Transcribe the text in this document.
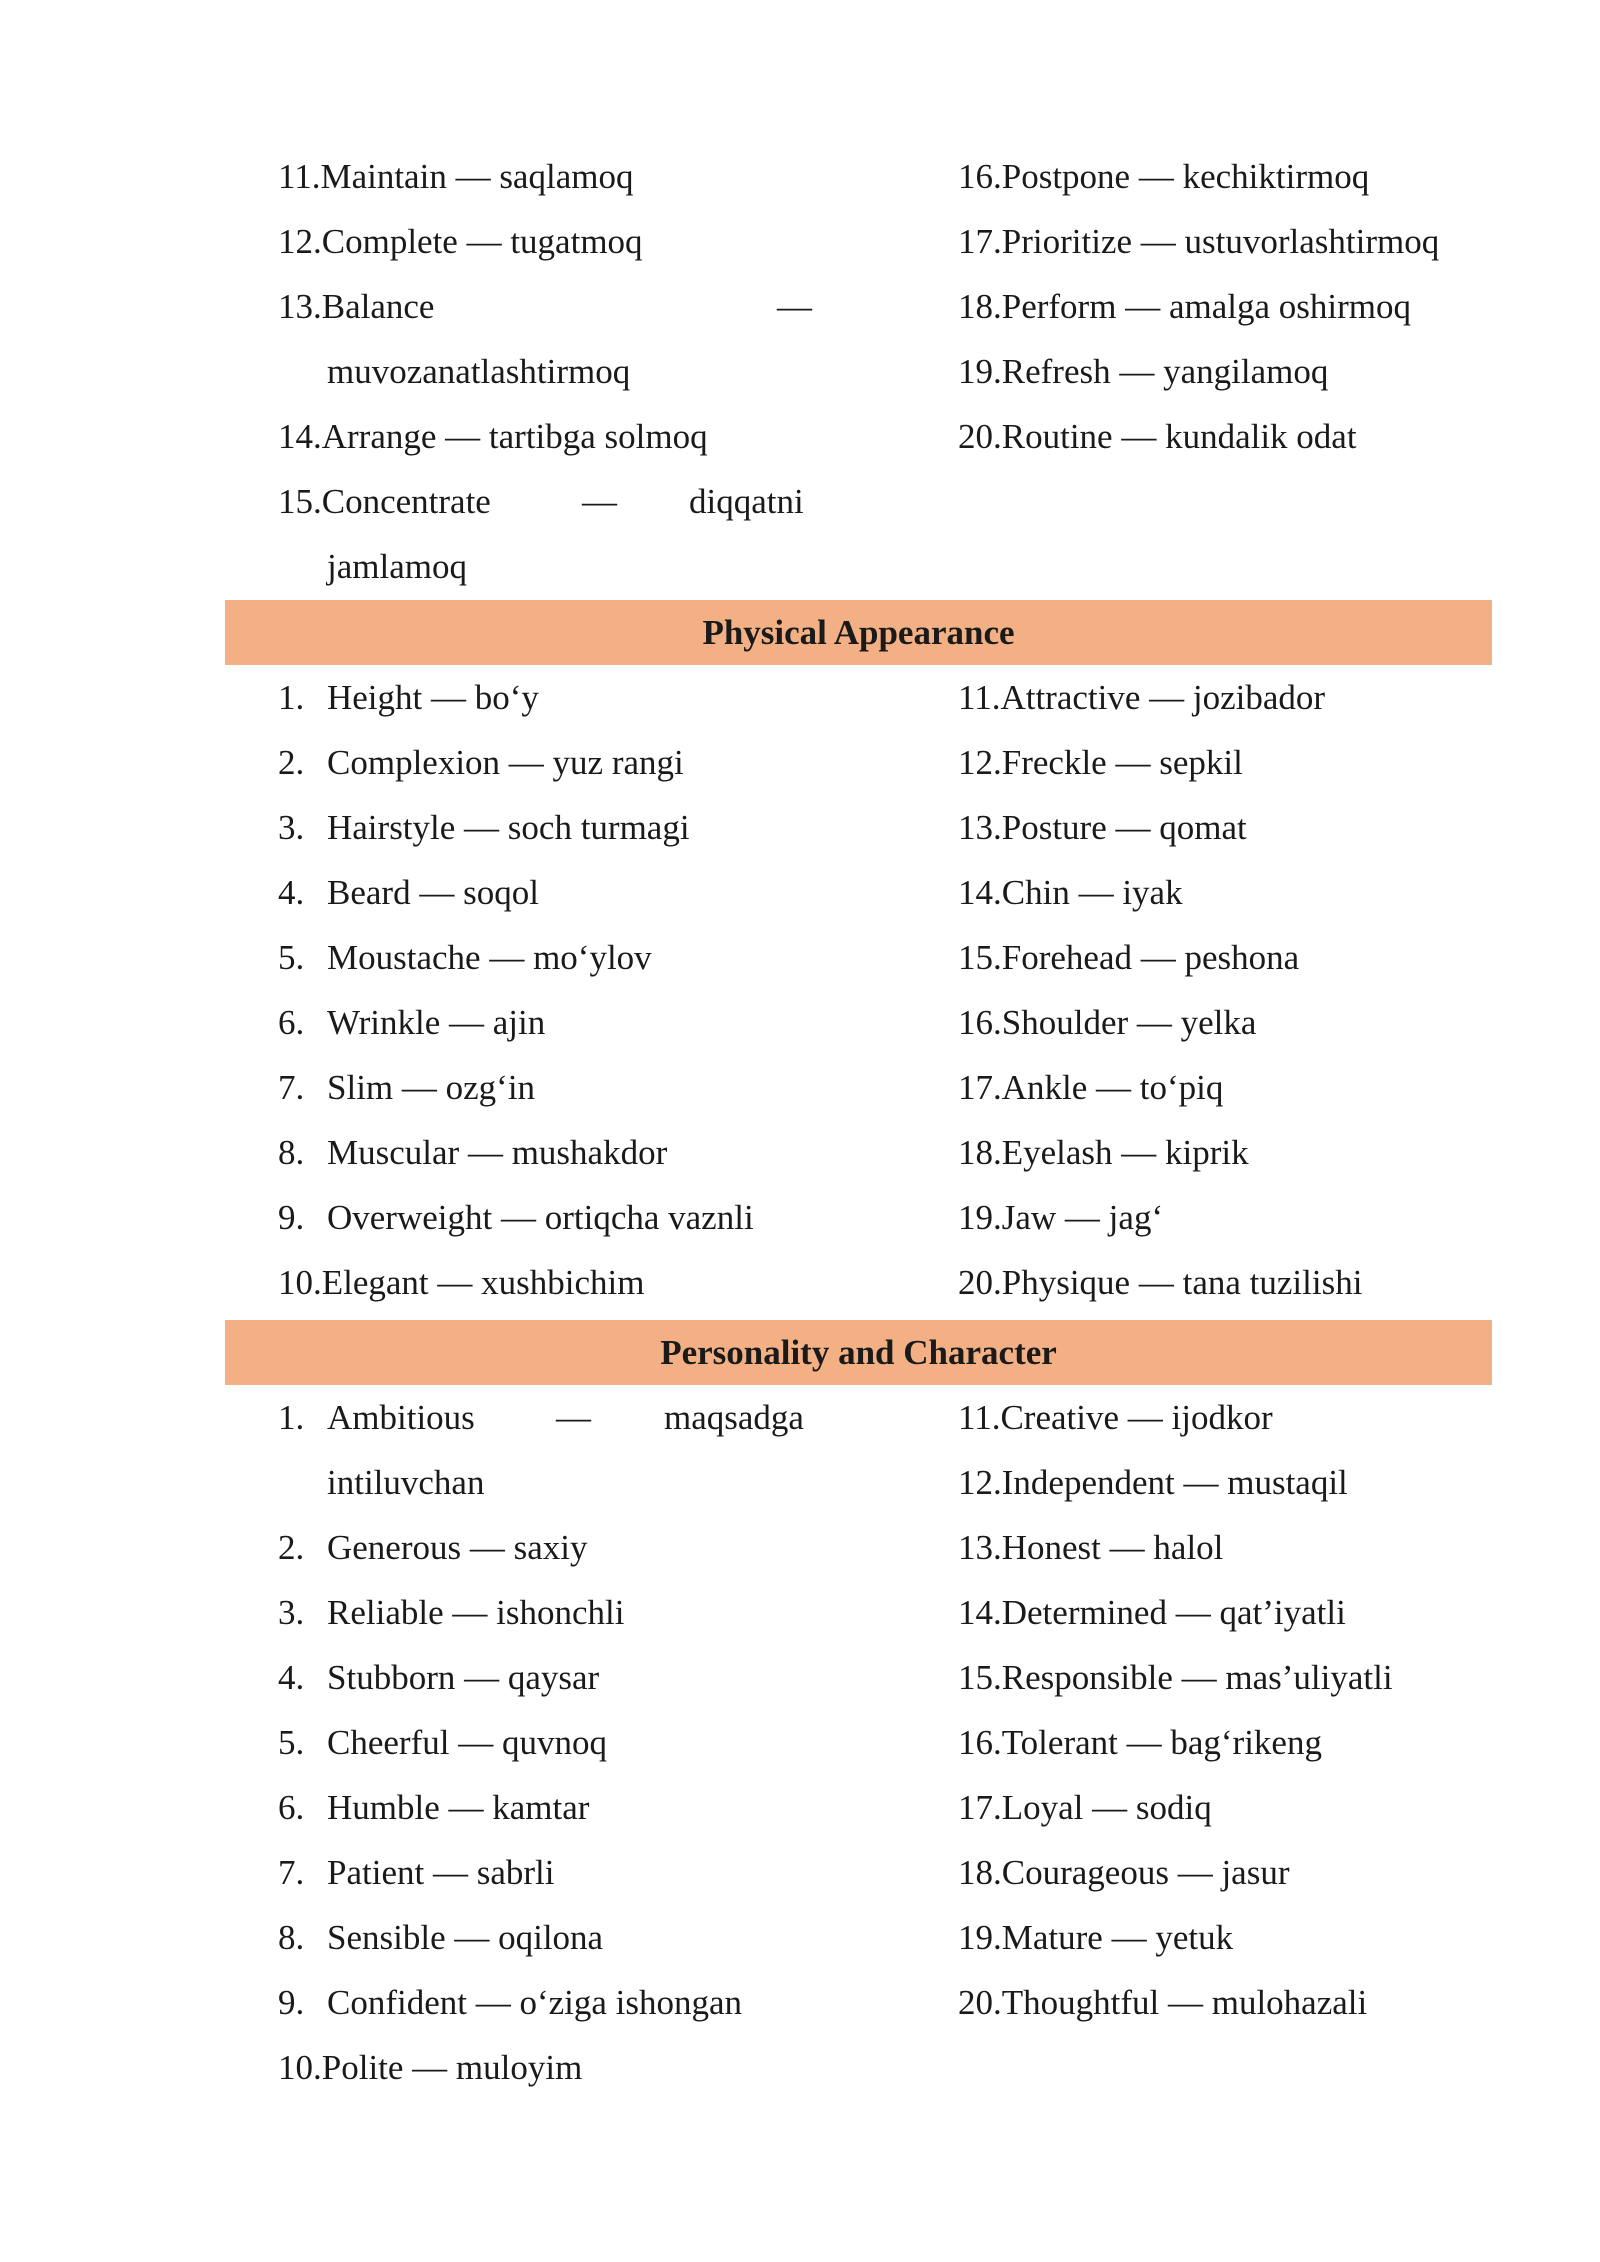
11.Maintain — saqlamoq	16.Postpone — kechiktirmoq
12.Complete — tugatmoq	17.Prioritize — ustuvorlashtirmoq
13.Balance	—	18.Perform — amalga oshirmoq
muvozanatlashtirmoq	19.Refresh — yangilamoq
14.Arrange — tartibga solmoq	20.Routine — kundalik odat
15.Concentrate	— diqqatni
jamlamoq
Physical Appearance
1. Height — bo‘y	11.Attractive — jozibador
2. Complexion — yuz rangi	12.Freckle — sepkil
3. Hairstyle — soch turmagi	13.Posture — qomat
4. Beard — soqol	14.Chin — iyak
5. Moustache — mo‘ylov	15.Forehead — peshona
6. Wrinkle — ajin	16.Shoulder — yelka
7. Slim — ozg‘in	17.Ankle — to‘piq
8. Muscular — mushakdor	18.Eyelash — kiprik
9. Overweight — ortiqcha vaznli	19.Jaw — jag‘
10.Elegant — xushbichim	20.Physique — tana tuzilishi
Personality and Character
1. Ambitious — maqsadga	11.Creative — ijodkor
intiluvchan	12.Independent — mustaqil
2. Generous — saxiy	13.Honest — halol
3. Reliable — ishonchli	14.Determined — qat’iyatli
4. Stubborn — qaysar	15.Responsible — mas’uliyatli
5. Cheerful — quvnoq	16.Tolerant — bag‘rikeng
6. Humble — kamtar	17.Loyal — sodiq
7. Patient — sabrli	18.Courageous — jasur
8. Sensible — oqilona	19.Mature — yetuk
9. Confident — o‘ziga ishongan	20.Thoughtful — mulohazali
10.Polite — muloyim
